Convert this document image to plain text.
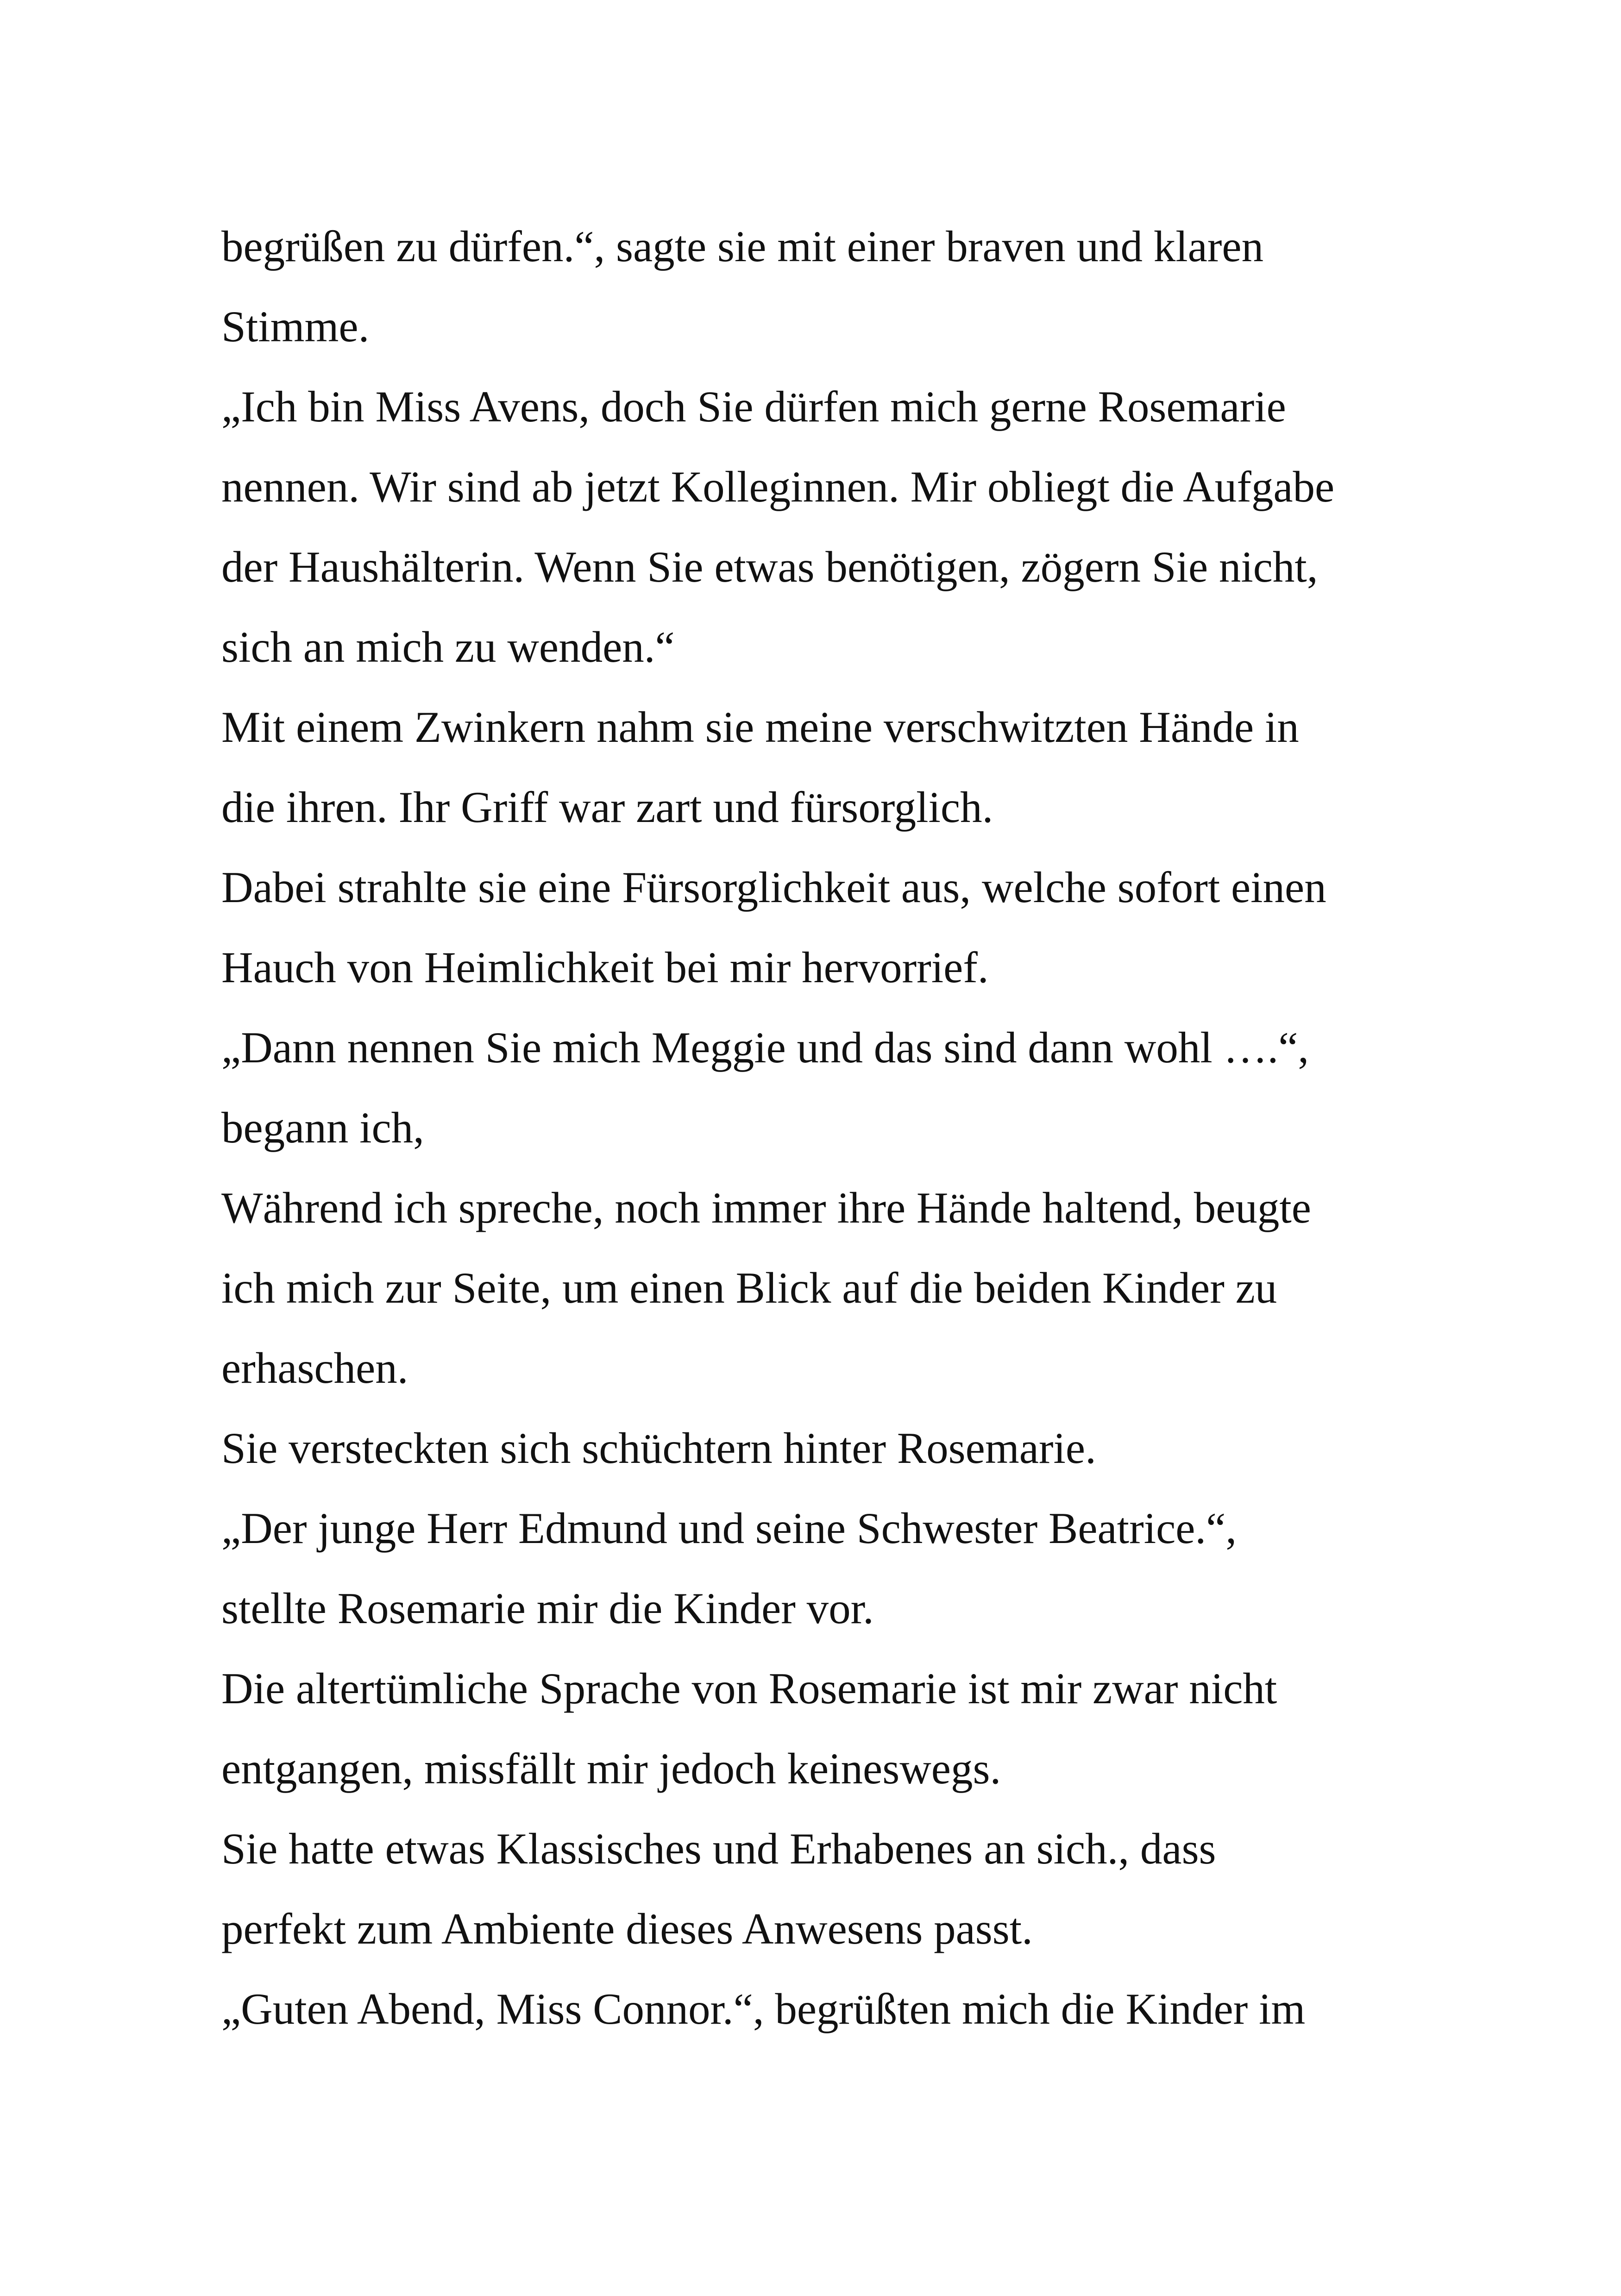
begrüßen zu dürfen.“, sagte sie mit einer braven und klaren
Stimme.
„Ich bin Miss Avens, doch Sie dürfen mich gerne Rosemarie
nennen. Wir sind ab jetzt Kolleginnen. Mir obliegt die Aufgabe
der Haushälterin. Wenn Sie etwas benötigen, zögern Sie nicht,
sich an mich zu wenden.“
Mit einem Zwinkern nahm sie meine verschwitzten Hände in
die ihren. Ihr Griff war zart und fürsorglich.
Dabei strahlte sie eine Fürsorglichkeit aus, welche sofort einen
Hauch von Heimlichkeit bei mir hervorrief.
„Dann nennen Sie mich Meggie und das sind dann wohl ….“,
begann ich,
Während ich spreche, noch immer ihre Hände haltend, beugte
ich mich zur Seite, um einen Blick auf die beiden Kinder zu
erhaschen.
Sie versteckten sich schüchtern hinter Rosemarie.
„Der junge Herr Edmund und seine Schwester Beatrice.“,
stellte Rosemarie mir die Kinder vor.
Die altertümliche Sprache von Rosemarie ist mir zwar nicht
entgangen, missfällt mir jedoch keineswegs.
Sie hatte etwas Klassisches und Erhabenes an sich., dass
perfekt zum Ambiente dieses Anwesens passt.
„Guten Abend, Miss Connor.“, begrüßten mich die Kinder im
